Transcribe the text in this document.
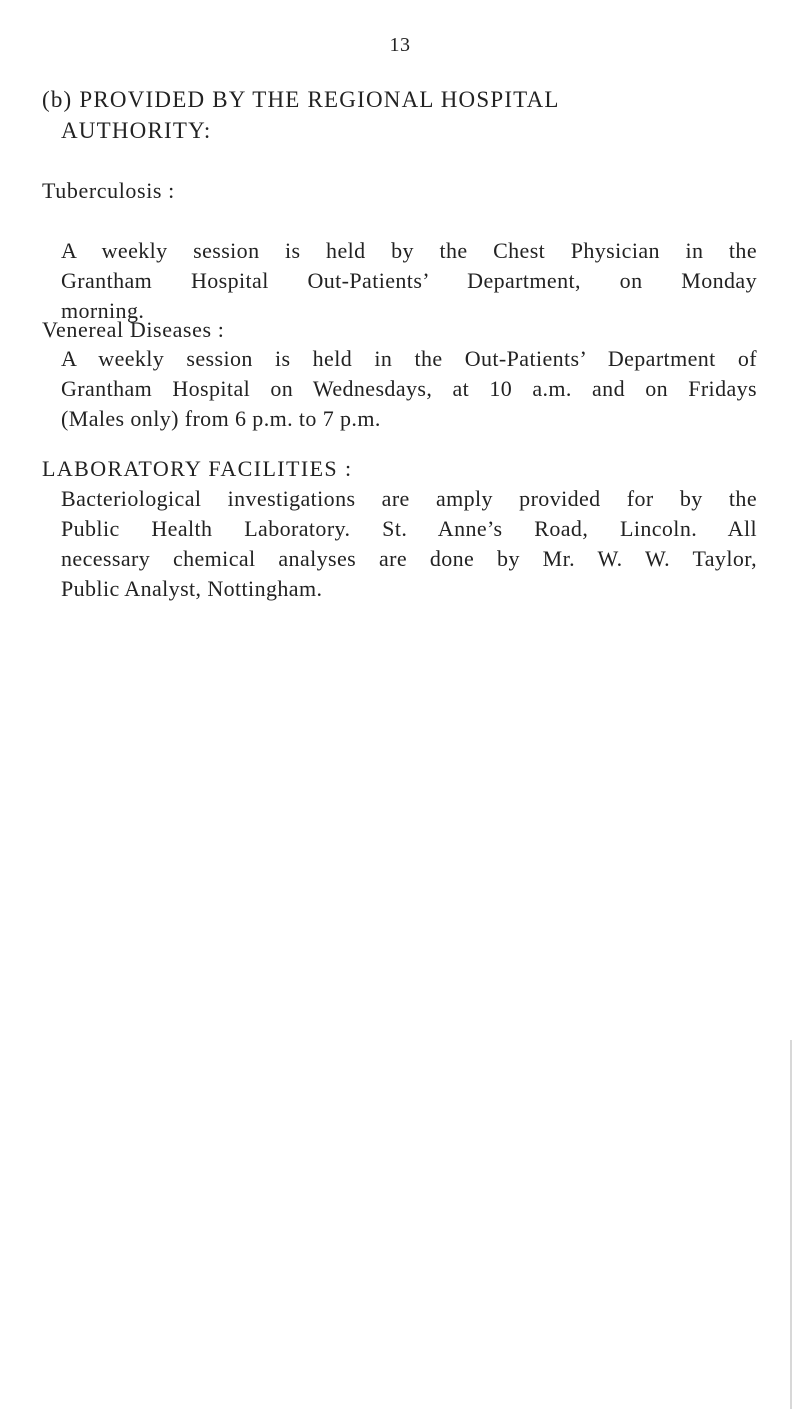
13
(b) PROVIDED BY THE REGIONAL HOSPITAL
AUTHORITY:
Tuberculosis :
A weekly session is held by the Chest Physician in the
Grantham Hospital Out-Patients’ Department, on Monday
morning.
Venereal Diseases :
A weekly session is held in the Out-Patients’ Department of
Grantham Hospital on Wednesdays, at 10 a.m. and on Fridays
(Males only) from 6 p.m. to 7 p.m.
LABORATORY FACILITIES :
Bacteriological investigations are amply provided for by the
Public Health Laboratory. St. Anne’s Road, Lincoln. All
necessary chemical analyses are done by Mr. W. W. Taylor,
Public Analyst, Nottingham.
